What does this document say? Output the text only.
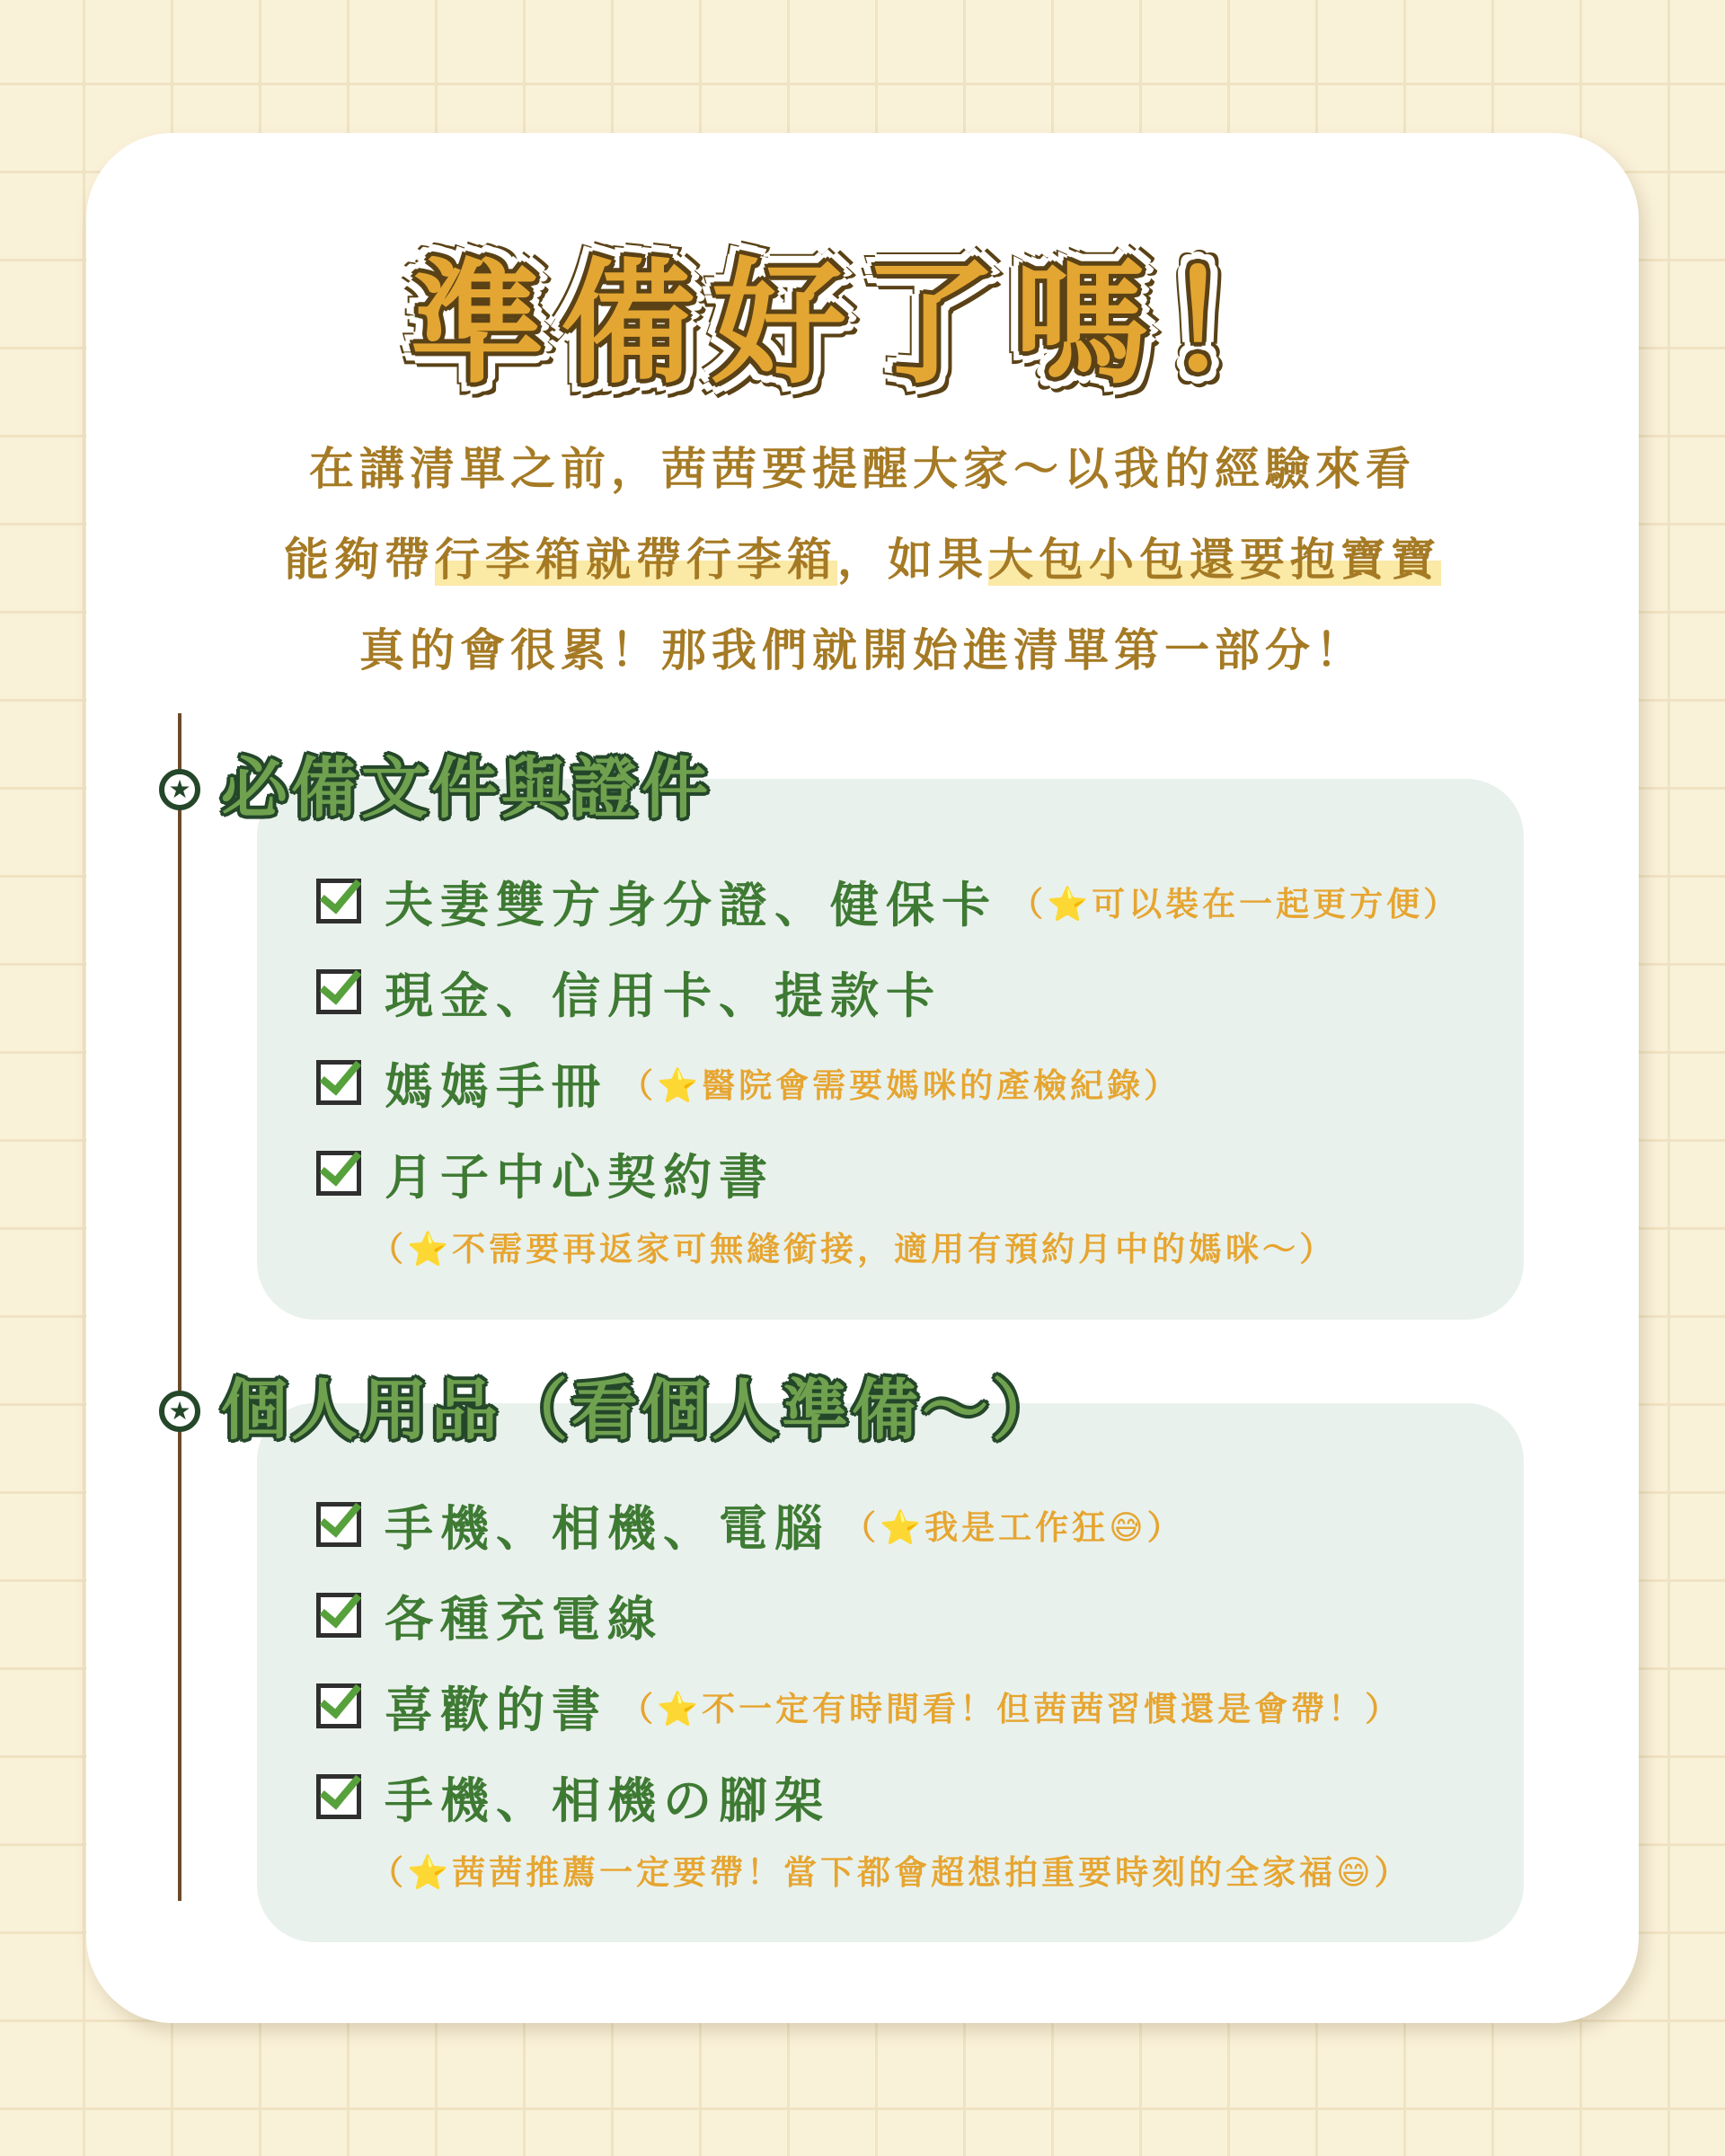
準備好了嗎！
在講清單之前，茜茜要提醒大家～以我的經驗來看
能夠帶行李箱就帶行李箱，如果大包小包還要抱寶寶
真的會很累！那我們就開始進清單第一部分！
★ 必備文件與證件
夫妻雙方身分證、健保卡 （⭐可以裝在一起更方便）
現金、信用卡、提款卡
媽媽手冊 （⭐醫院會需要媽咪的產檢紀錄）
月子中心契約書
（⭐不需要再返家可無縫銜接，適用有預約月中的媽咪～）
★ 個人用品（看個人準備～）
手機、相機、電腦 （⭐我是工作狂😅）
各種充電線
喜歡的書 （⭐不一定有時間看！但茜茜習慣還是會帶！）
手機、相機の腳架
（⭐茜茜推薦一定要帶！當下都會超想拍重要時刻的全家福😄）
